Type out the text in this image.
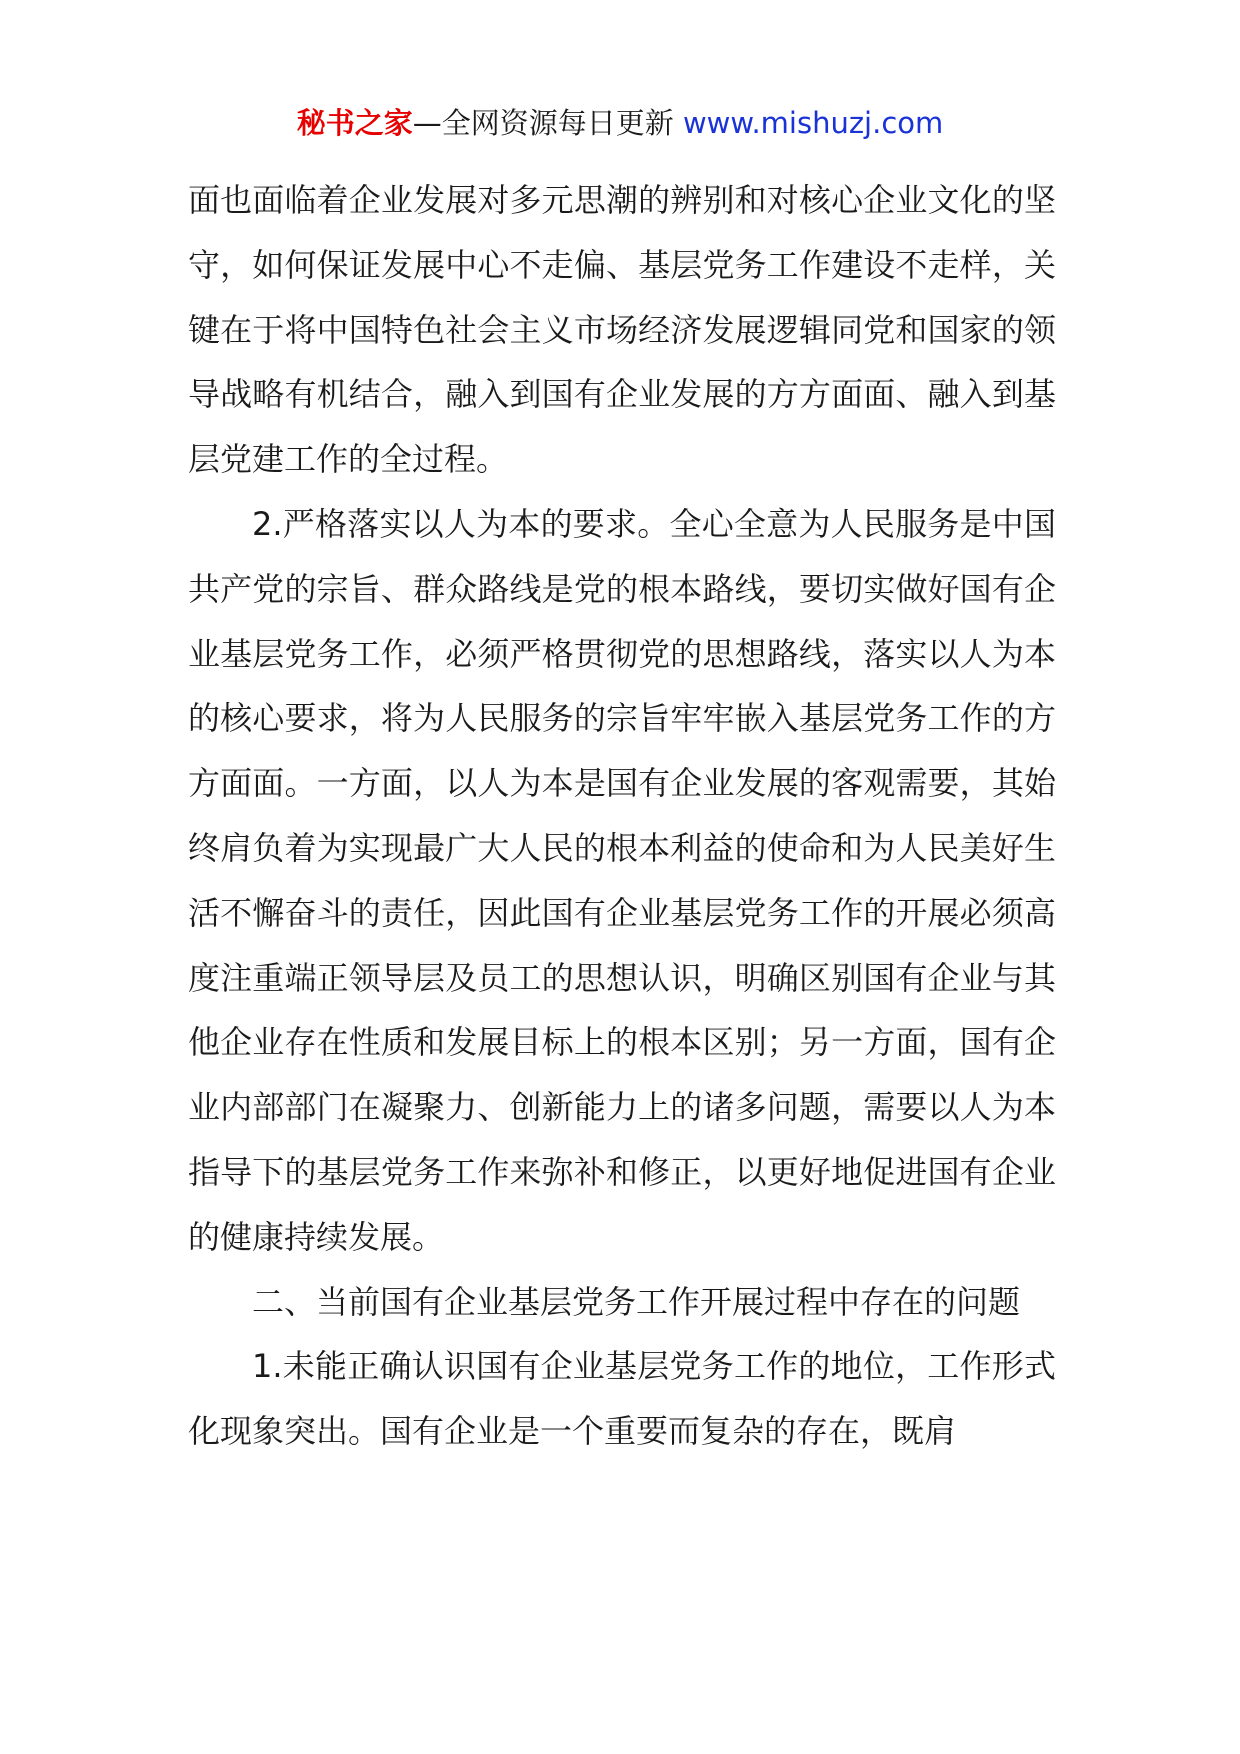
秘书之家—全网资源每日更新 www.mishuzj.com

面也面临着企业发展对多元思潮的辨别和对核心企业文化的坚守，如何保证发展中心不走偏、基层党务工作建设不走样，关键在于将中国特色社会主义市场经济发展逻辑同党和国家的领导战略有机结合，融入到国有企业发展的方方面面、融入到基层党建工作的全过程。

2.严格落实以人为本的要求。全心全意为人民服务是中国共产党的宗旨、群众路线是党的根本路线，要切实做好国有企业基层党务工作，必须严格贯彻党的思想路线，落实以人为本的核心要求，将为人民服务的宗旨牢牢嵌入基层党务工作的方方面面。一方面，以人为本是国有企业发展的客观需要，其始终肩负着为实现最广大人民的根本利益的使命和为人民美好生活不懈奋斗的责任，因此国有企业基层党务工作的开展必须高度注重端正领导层及员工的思想认识，明确区别国有企业与其他企业存在性质和发展目标上的根本区别；另一方面，国有企业内部部门在凝聚力、创新能力上的诸多问题，需要以人为本指导下的基层党务工作来弥补和修正，以更好地促进国有企业的健康持续发展。

二、当前国有企业基层党务工作开展过程中存在的问题

1.未能正确认识国有企业基层党务工作的地位，工作形式化现象突出。国有企业是一个重要而复杂的存在，既肩
